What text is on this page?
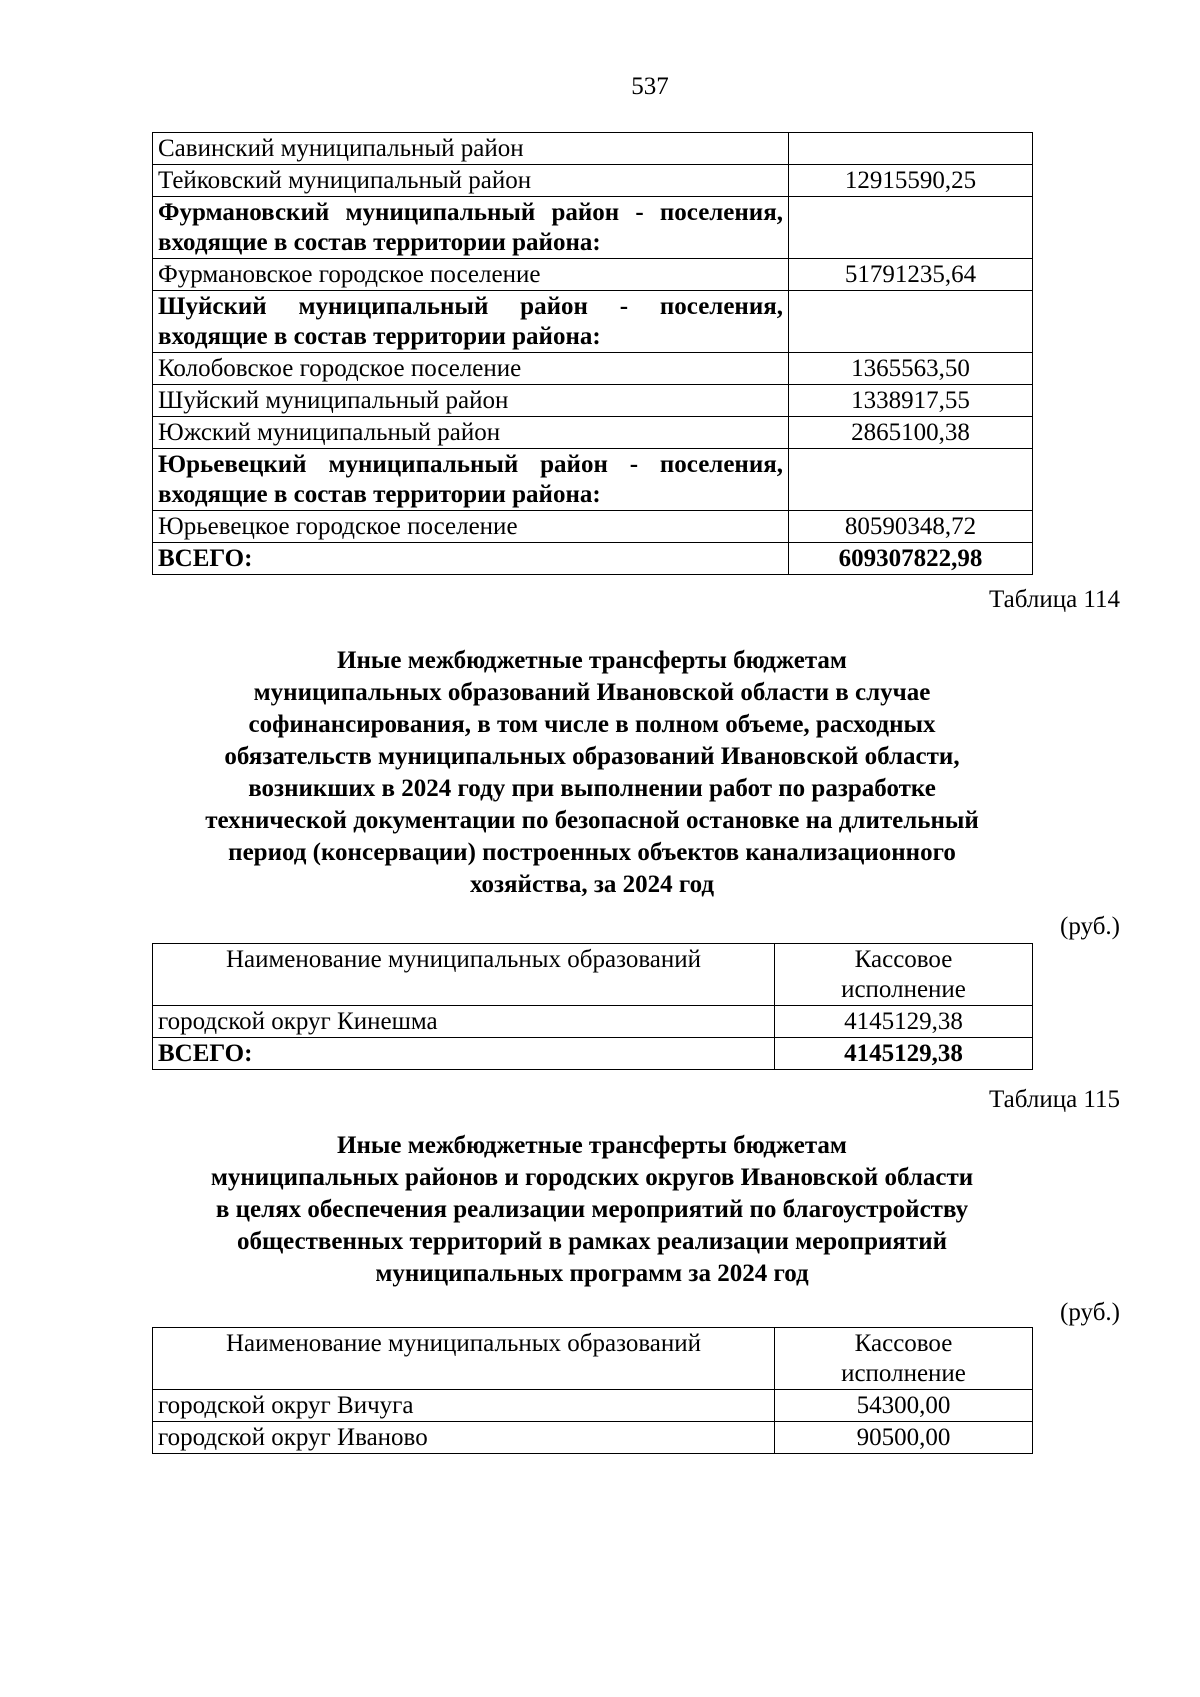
537
Савинский муниципальный район	
Тейковский муниципальный район	12915590,25
Фурмановский муниципальный район - поселения, входящие в состав территории района:	
Фурмановское городское поселение	51791235,64
Шуйский муниципальный район - поселения, входящие в состав территории района:	
Колобовское городское поселение	1365563,50
Шуйский муниципальный район	1338917,55
Южский муниципальный район	2865100,38
Юрьевецкий муниципальный район - поселения, входящие в состав территории района:	
Юрьевецкое городское поселение	80590348,72
ВСЕГО:	609307822,98
Таблица 114
Иные межбюджетные трансферты бюджетам
муниципальных образований Ивановской области в случае
софинансирования, в том числе в полном объеме, расходных
обязательств муниципальных образований Ивановской области,
возникших в 2024 году при выполнении работ по разработке
технической документации по безопасной остановке на длительный
период (консервации) построенных объектов канализационного
хозяйства, за 2024 год
(руб.)
Наименование муниципальных образований	Кассовое
исполнение

городской округ Кинешма	4145129,38
ВСЕГО:	4145129,38
Таблица 115
Иные межбюджетные трансферты бюджетам
муниципальных районов и городских округов Ивановской области
в целях обеспечения реализации мероприятий по благоустройству
общественных территорий в рамках реализации мероприятий
муниципальных программ за 2024 год
(руб.)
Наименование муниципальных образований	Кассовое
исполнение

городской округ Вичуга	54300,00
городской округ Иваново	90500,00
